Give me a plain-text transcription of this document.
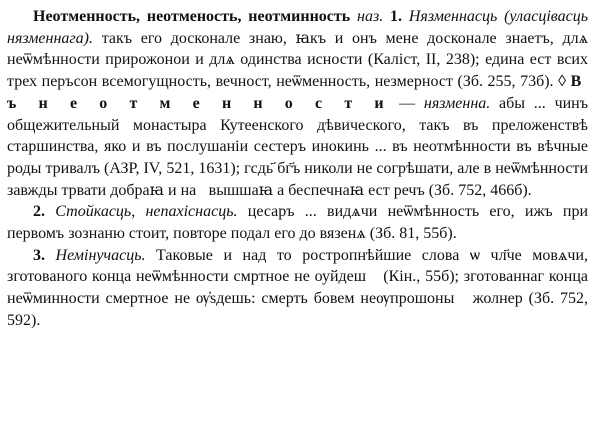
Неотменность, неотменость, неотминность наз. 1. Нязменнасць (уласцівасць нязменнага). такъ его досконале знаю, ꙗкъ и онъ мене досконале знаетъ, длѧ неѿмѣнности прирожонои и длѧ одинства исности (Каліст, II, 238); едина ест всих трех перъсон всемогущность, вечност, неѿменность, незмерност (Зб. 255, 73б). ◊ В ъ н е о т м е н н о с т и — нязменна. абы ... чинъ общежительный монастыра Кутеенского дѣвического, такъ въ преложенствѣ старшинства, яко и въ послушаніи сестеръ инокинь ... въ неотмѣнности въ вѣчные роды тривалъ (АЗР, IV, 521, 1631); гсдь҃ бг҃ъ николи не согрѣшати, але в неѿмѣнности завжды трвати добраꙗ и наⷭвышшаꙗ а беспечнаꙗ ест речъ (Зб. 752, 466б).

2. Стойкасць, непахіснасць. цесаръ ... видѧчи неѿмѣнность его, ижъ при первомъ зознаню стоит, повторе подал его до вязенѧ (Зб. 81, 55б).

3. Немінучасць. Таковые и над то ростропнѣйшие слова ѡ чл҃че мовѧчи, зготованого конца неѿмѣнности смртное не оуйдешⷭ (Кін., 55б); зготованнаг конца неѿминности смертное не ѹ҆ѕдешь: смерть бовем неѹпрошоныⷭ жолнер (Зб. 752, 592).
